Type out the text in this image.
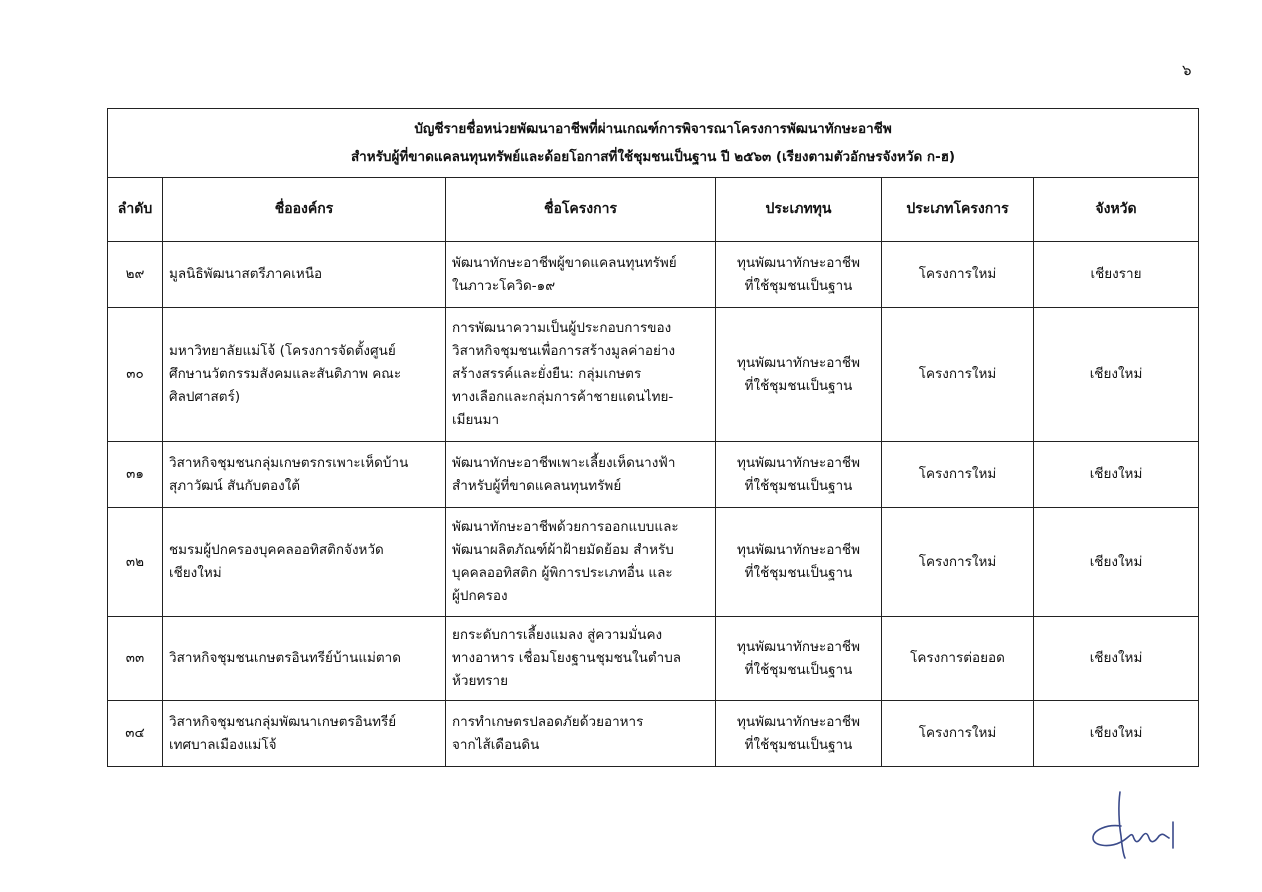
๖
บัญชีรายชื่อหน่วยพัฒนาอาชีพที่ผ่านเกณฑ์การพิจารณาโครงการพัฒนาทักษะอาชีพ
สำหรับผู้ที่ขาดแคลนทุนทรัพย์และด้อยโอกาสที่ใช้ชุมชนเป็นฐาน ปี ๒๕๖๓ (เรียงตามตัวอักษรจังหวัด ก-ฮ)					

ลำดับ	ชื่อองค์กร	ชื่อโครงการ	ประเภททุน	ประเภทโครงการ	จังหวัด
๒๙	มูลนิธิพัฒนาสตรีภาคเหนือ	พัฒนาทักษะอาชีพผู้ขาดแคลนทุนทรัพย์
ในภาวะโควิด-๑๙	ทุนพัฒนาทักษะอาชีพ
ที่ใช้ชุมชนเป็นฐาน	โครงการใหม่	เชียงราย
๓๐	มหาวิทยาลัยแม่โจ้ (โครงการจัดตั้งศูนย์
ศึกษานวัตกรรมสังคมและสันติภาพ คณะ
ศิลปศาสตร์)	การพัฒนาความเป็นผู้ประกอบการของ
วิสาหกิจชุมชนเพื่อการสร้างมูลค่าอย่าง
สร้างสรรค์และยั่งยืน: กลุ่มเกษตร
ทางเลือกและกลุ่มการค้าชายแดนไทย-
เมียนมา	ทุนพัฒนาทักษะอาชีพ
ที่ใช้ชุมชนเป็นฐาน	โครงการใหม่	เชียงใหม่
๓๑	วิสาหกิจชุมชนกลุ่มเกษตรกรเพาะเห็ดบ้าน
สุภาวัฒน์ สันกับตองใต้	พัฒนาทักษะอาชีพเพาะเลี้ยงเห็ดนางฟ้า
สำหรับผู้ที่ขาดแคลนทุนทรัพย์	ทุนพัฒนาทักษะอาชีพ
ที่ใช้ชุมชนเป็นฐาน	โครงการใหม่	เชียงใหม่
๓๒	ชมรมผู้ปกครองบุคคลออทิสติกจังหวัด
เชียงใหม่	พัฒนาทักษะอาชีพด้วยการออกแบบและ
พัฒนาผลิตภัณฑ์ผ้าฝ้ายมัดย้อม สำหรับ
บุคคลออทิสติก ผู้พิการประเภทอื่น และ
ผู้ปกครอง	ทุนพัฒนาทักษะอาชีพ
ที่ใช้ชุมชนเป็นฐาน	โครงการใหม่	เชียงใหม่
๓๓	วิสาหกิจชุมชนเกษตรอินทรีย์บ้านแม่ตาด	ยกระดับการเลี้ยงแมลง สู่ความมั่นคง
ทางอาหาร เชื่อมโยงฐานชุมชนในตำบล
ห้วยทราย	ทุนพัฒนาทักษะอาชีพ
ที่ใช้ชุมชนเป็นฐาน	โครงการต่อยอด	เชียงใหม่
๓๔	วิสาหกิจชุมชนกลุ่มพัฒนาเกษตรอินทรีย์
เทศบาลเมืองแม่โจ้	การทำเกษตรปลอดภัยด้วยอาหาร
จากไส้เดือนดิน	ทุนพัฒนาทักษะอาชีพ
ที่ใช้ชุมชนเป็นฐาน	โครงการใหม่	เชียงใหม่
